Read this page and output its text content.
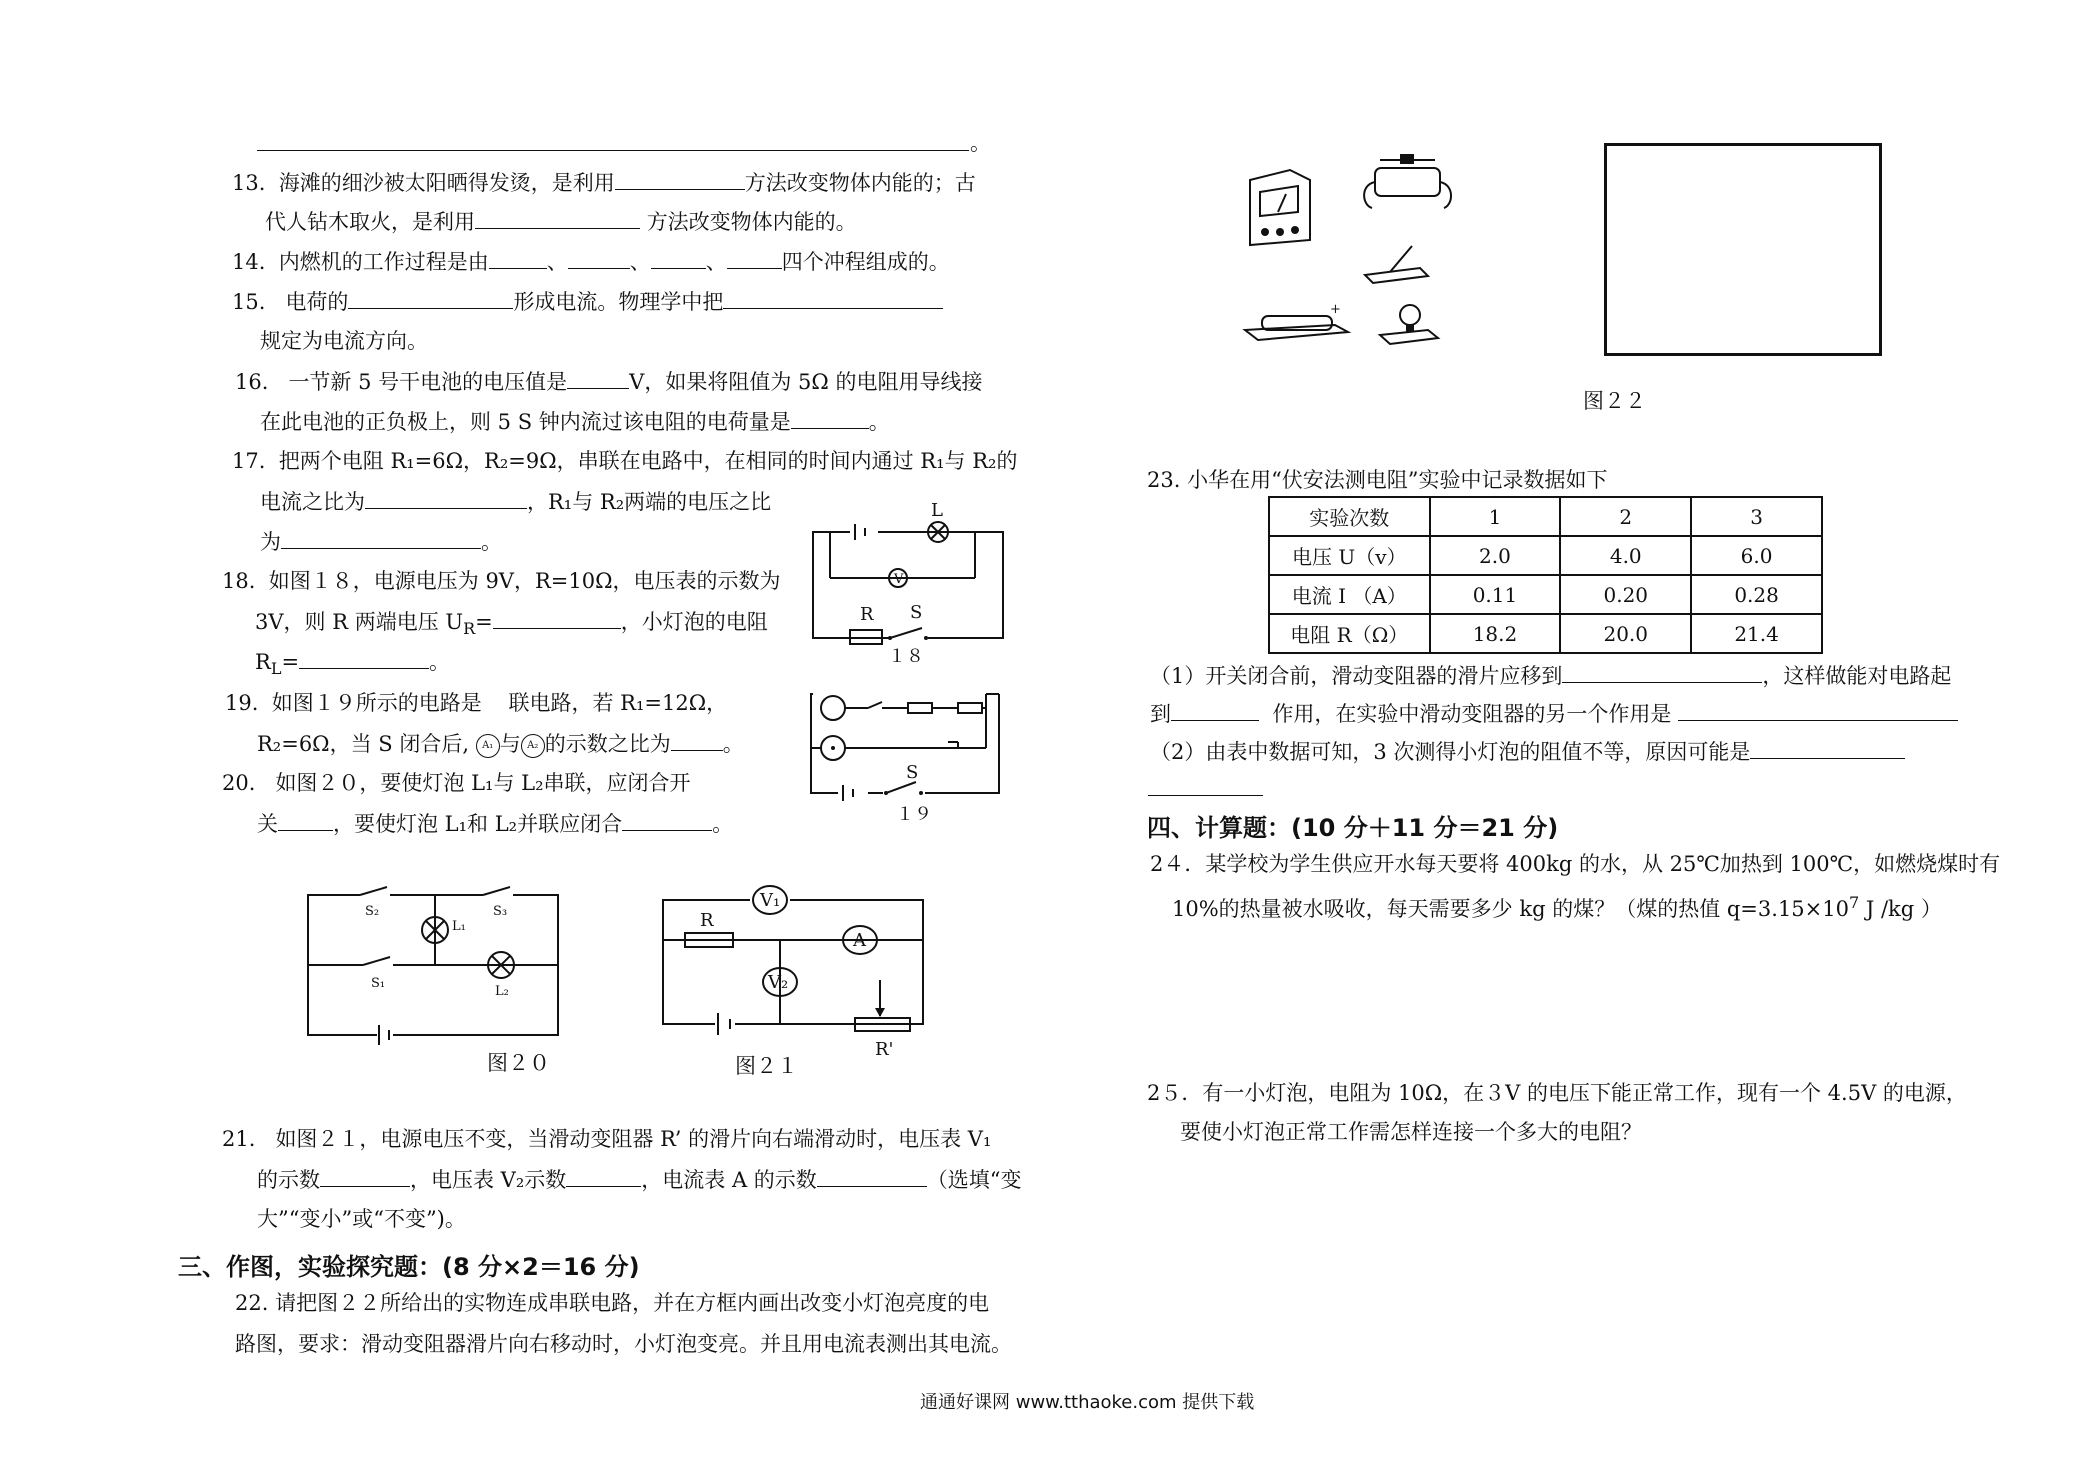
。
13. 海滩的细沙被太阳晒得发烫，是利用	方法改变物体内能的；古
代人钻木取火，是利用	方法改变物体内能的。
14. 内燃机的工作过程是由	、	、	、	四个冲程组成的。
15. 电荷的	形成电流。物理学中把
规定为电流方向。
16. 一节新 5 号干电池的电压值是	V，如果将阻值为 5Ω 的电阻用导线接
在此电池的正负极上，则 5 S 钟内流过该电阻的电荷量是	。
17. 把两个电阻 R₁=6Ω，R₂=9Ω，串联在电路中，在相同的时间内通过 R₁与 R₂的
电流之比为	，R₁与 R₂两端的电压之比
为	。
18. 如图１８，电源电压为 9V，R=10Ω，电压表的示数为
3V，则 R 两端电压 $U_R=$	，小灯泡的电阻
$R_L=$	。
19. 如图１９所示的电路是 联电路，若 R₁=12Ω，
R₂=6Ω，当 S 闭合后, A₁ 与 A₂ 的示数之比为 。
20. 如图２０，要使灯泡 L₁与 L₂串联，应闭合开
关	，要使灯泡 L₁和 L₂并联应闭合	。
L
V
R S
１８
S
１９
S₂	S₃
S₁
L₁
L₂
图２０
V₁
R
A
V₂
R'
图２１
21. 如图２１，电源电压不变，当滑动变阻器 R’ 的滑片向右端滑动时，电压表 V₁
的示数	，电压表 V₂示数	，电流表 A 的示数	（选填“变
大”“变小”或“不变”)。
三、作图，实验探究题：(8 分×2＝16 分)
22. 请把图２２所给出的实物连成串联电路，并在方框内画出改变小灯泡亮度的电
路图，要求：滑动变阻器滑片向右移动时，小灯泡变亮。并且用电流表测出其电流。
+
图２２
23. 小华在用“伏安法测电阻”实验中记录数据如下
实验次数	1	2	3
电压 U（v）	2.0	4.0	6.0
电流 I （A）	0.11	0.20	0.28
电阻 R（Ω）	18.2	20.0	21.4
（1）开关闭合前，滑动变阻器的滑片应移到	，这样做能对电路起
到	作用，在实验中滑动变阻器的另一个作用是
（2）由表中数据可知，3 次测得小灯泡的阻值不等，原因可能是
四、计算题：(10 分＋11 分＝21 分)
2４．某学校为学生供应开水每天要将 400kg 的水，从 25℃加热到 100℃，如燃烧煤时有
10%的热量被水吸收，每天需要多少 kg 的煤？（煤的热值 $q=3.15\times 10^7$ J /kg ）
2５．有一小灯泡，电阻为 10Ω，在３V 的电压下能正常工作，现有一个 4.5V 的电源，
要使小灯泡正常工作需怎样连接一个多大的电阻？
通通好课网 www.tthaoke.com 提供下载
